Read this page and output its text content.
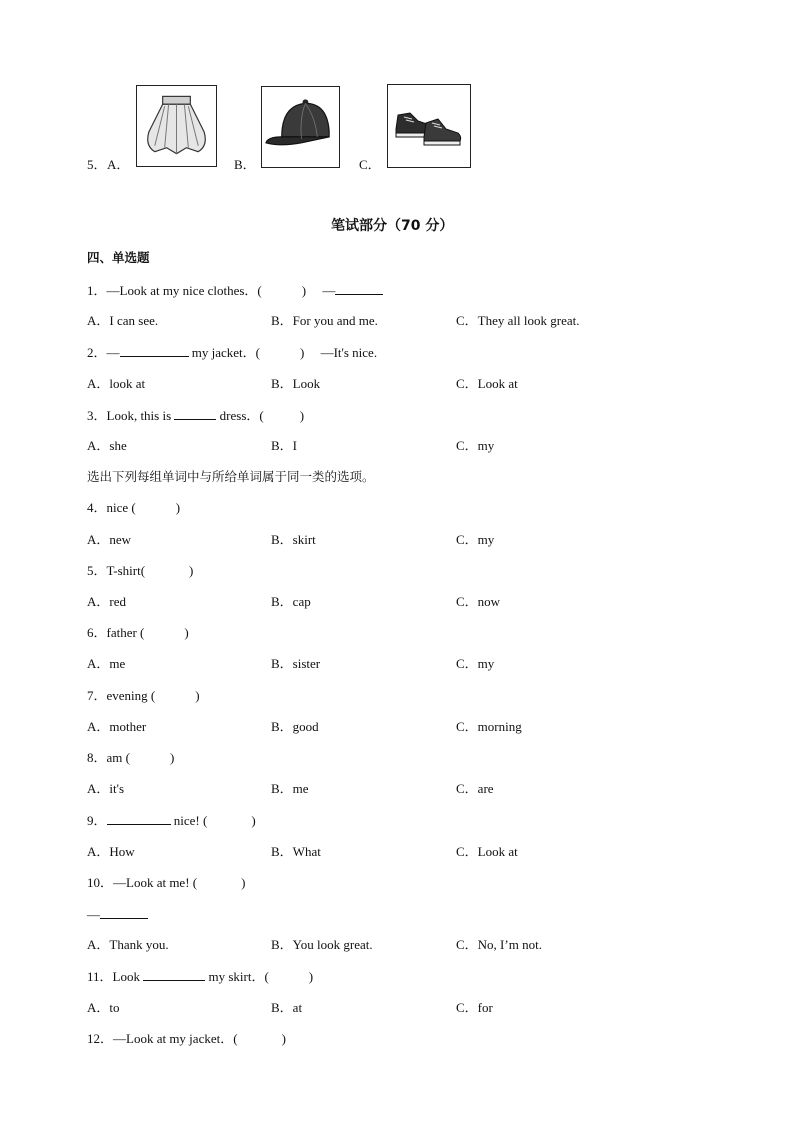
5． A．	B．	C．
笔试部分（70 分）
四、单选题
1．—Look at my nice clothes．(	)　 —
A．I can see.	B．For you and me.	C．They all look great.
2．—	my jacket．(	)　 —It's nice.
A．look at	B．Look	C．Look at
3．Look, this is	dress．(	)
A．she	B．I	C．my
选出下列每组单词中与所给单词属于同一类的选项。
4．nice (	)
A．new	B．skirt	C．my
5．T-shirt(	)
A．red	B．cap	C．now
6．father (	)
A．me	B．sister	C．my
7．evening (	)
A．mother	B．good	C．morning
8．am (	)
A．it's	B．me	C．are
9．	nice! (	)
A．How	B．What	C．Look at
10．—Look at me! (	)
—
A．Thank you.	B．You look great.	C．No, I’m not.
11．Look	my skirt．(	)
A．to	B．at	C．for
12．—Look at my jacket．(	)
